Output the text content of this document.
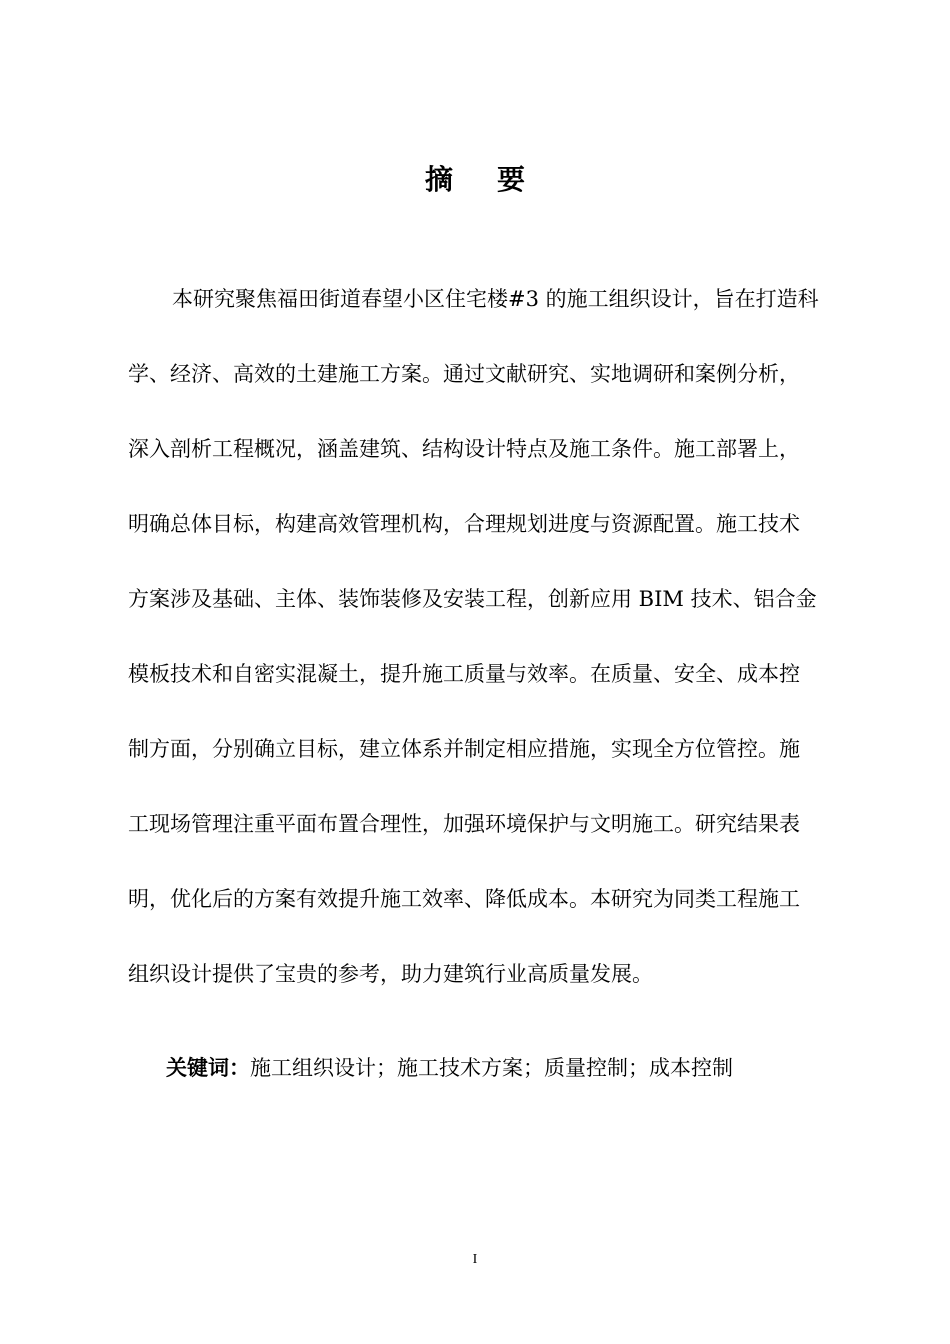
摘 要
本研究聚焦福田街道春望小区住宅楼#3 的施工组织设计，旨在打造科
学、经济、高效的土建施工方案。通过文献研究、实地调研和案例分析，
深入剖析工程概况，涵盖建筑、结构设计特点及施工条件。施工部署上，
明确总体目标，构建高效管理机构，合理规划进度与资源配置。施工技术
方案涉及基础、主体、装饰装修及安装工程，创新应用 BIM 技术、铝合金
模板技术和自密实混凝土，提升施工质量与效率。在质量、安全、成本控
制方面，分别确立目标，建立体系并制定相应措施，实现全方位管控。施
工现场管理注重平面布置合理性，加强环境保护与文明施工。研究结果表
明，优化后的方案有效提升施工效率、降低成本。本研究为同类工程施工
组织设计提供了宝贵的参考，助力建筑行业高质量发展。
关键词：施工组织设计；施工技术方案；质量控制；成本控制
I
